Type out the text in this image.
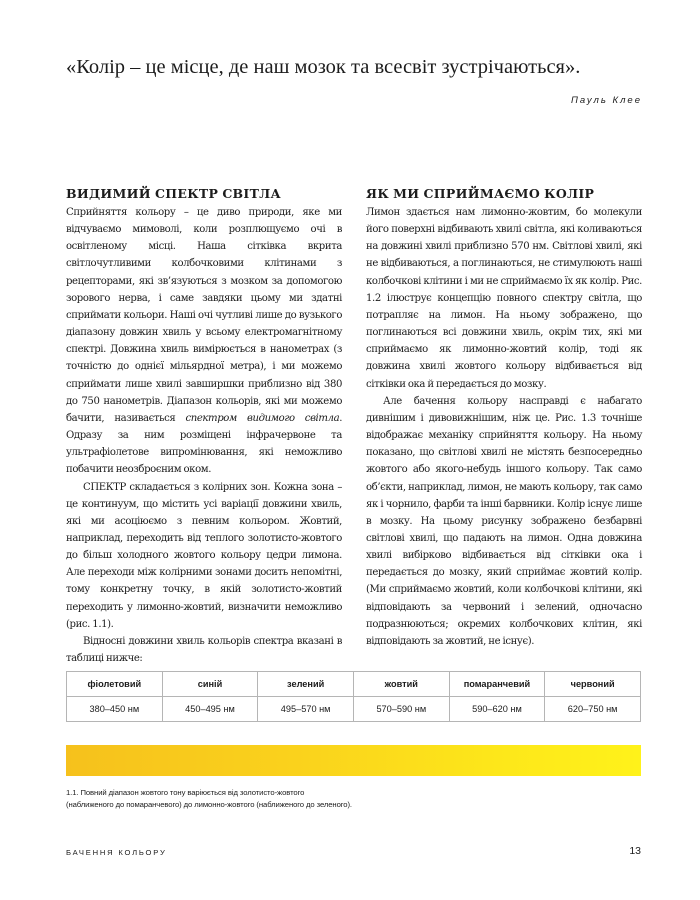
«Колір – це місце, де наш мозок та всесвіт зустрічаються».
Пауль Клее
ВИДИМИЙ СПЕКТР СВІТЛА

Сприйняття кольору – це диво природи, яке ми відчуваємо мимоволі, коли розплющуємо очі в освітленому місці. Наша сітківка вкрита світлочутливими колбочковими клітинами з рецепторами, які зв’язуються з мозком за допомогою зорового нерва, і саме завдяки цьому ми здатні сприймати кольори. Наші очі чутливі лише до вузького діапазону довжин хвиль у всьому електромагнітному спектрі. Довжина хвиль вимірюється в нанометрах (з точністю до однієї мільярдної метра), і ми можемо сприймати лише хвилі завширшки приблизно від 380 до 750 нанометрів. Діапазон кольорів, які ми можемо бачити, називається спектром видимого світла. Одразу за ним розміщені інфрачервоне та ультрафіолетове випромінювання, які неможливо побачити неозброєним оком.

СПЕКТР складається з колірних зон. Кожна зона – це континуум, що містить усі варіації довжини хвиль, які ми асоціюємо з певним кольором. Жовтий, наприклад, переходить від теплого золотисто-жовтого до більш холодного жовтого кольору цедри лимона. Але переходи між колірними зонами досить непомітні, тому конкретну точку, в якій золотисто-жовтий переходить у лимонно-жовтий, визначити неможливо (рис. 1.1).

Відносні довжини хвиль кольорів спектра вказані в таблиці нижче:

ЯК МИ СПРИЙМАЄМО КОЛІР

Лимон здається нам лимонно-жовтим, бо молекули його поверхні відбивають хвилі світла, які коливаються на довжині хвилі приблизно 570 нм. Світлові хвилі, які не відбиваються, а поглинаються, не стимулюють наші колбочкові клітини і ми не сприймаємо їх як колір. Рис. 1.2 ілюструє концепцію повного спектру світла, що потрапляє на лимон. На ньому зображено, що поглинаються всі довжини хвиль, окрім тих, які ми сприймаємо як лимонно-жовтий колір, тоді як довжина хвилі жовтого кольору відбивається від сітківки ока й передається до мозку.

Але бачення кольору насправді є набагато дивнішим і дивовижнішим, ніж це. Рис. 1.3 точніше відображає механіку сприйняття кольору. На ньому показано, що світлові хвилі не містять безпосередньо жовтого або якого-небудь іншого кольору. Так само об’єкти, наприклад, лимон, не мають кольору, так само як і чорнило, фарби та інші барвники. Колір існує лише в мозку. На цьому рисунку зображено безбарвні світлові хвилі, що падають на лимон. Одна довжина хвилі вибірково відбивається від сітківки ока і передається до мозку, який сприймає жовтий колір. (Ми сприймаємо жовтий, коли колбочкові клітини, які відповідають за червоний і зелений, одночасно подразнюються; окремих колбочкових клітин, які відповідають за жовтий, не існує).

фіолетовий	синій	зелений	жовтий	помаранчевий	червоний
380–450 нм	450–495 нм	495–570 нм	570–590 нм	590–620 нм	620–750 нм
1.1. Повний діапазон жовтого тону варіюється від золотисто-жовтого
(наближеного до помаранчевого) до лимонно-жовтого (наближеного до зеленого).
БАЧЕННЯ КОЛЬОРУ	13
